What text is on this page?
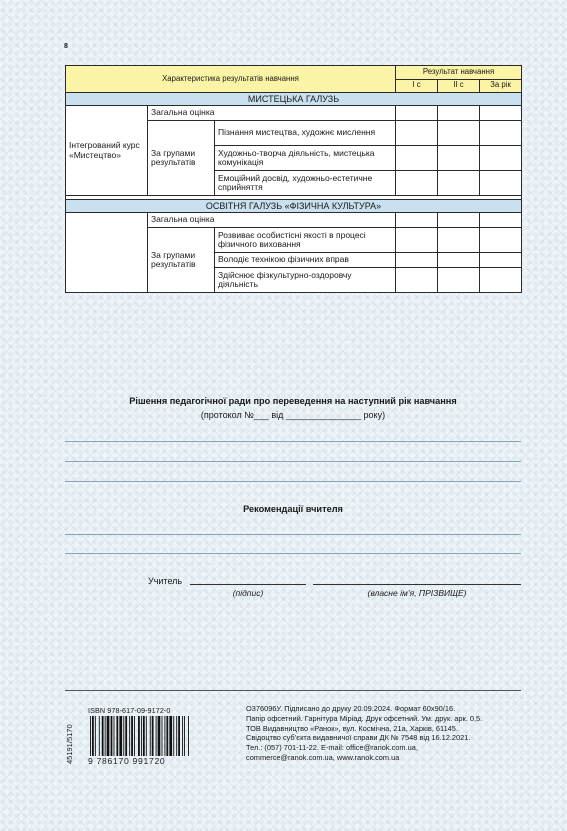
8
Характеристика результатів навчання			Результат навчання		
			І с	ІІ с	За рік
МИСТЕЦЬКА ГАЛУЗЬ					
Інтегрований курс «Мистецтво»	Загальна оцінка				
	За групами результатів	Пізнання мистецтва, художнє мислення			
		Художньо-творча діяльність, мистецька комунікація			
		Емоційний досвід, художньо-естетичне сприйняття			

ОСВІТНЯ ГАЛУЗЬ «ФІЗИЧНА КУЛЬТУРА»					
	Загальна оцінка				
	За групами результатів	Розвиває особистісні якості в процесі фізичного виховання			
		Володіє технікою фізичних вправ			
		Здійснює фізкультурно-оздоровчу діяльність			
Рішення педагогічної ради про переведення на наступний рік навчання
(протокол №___ від _______________ року)
Рекомендації вчителя
Учитель
(підпис)	(власне ім’я, ПРІЗВИЩЕ)
ISBN 978-617-09-9172-0
45191/5170	9 786170 991720
О376096У. Підписано до друку 20.09.2024. Формат 60х90/16.
Папір офсетний. Гарнітура Міріад. Друк офсетний. Ум. друк. арк. 0,5.
ТОВ Видавництво «Ранок», вул. Космічна, 21а, Харків, 61145.
Свідоцтво суб’єкта видавничої справи ДК № 7548 від 16.12.2021.
Тел.: (057) 701-11-22. E-mail: office@ranok.com.ua,
commerce@ranok.com.ua, www.ranok.com.ua
